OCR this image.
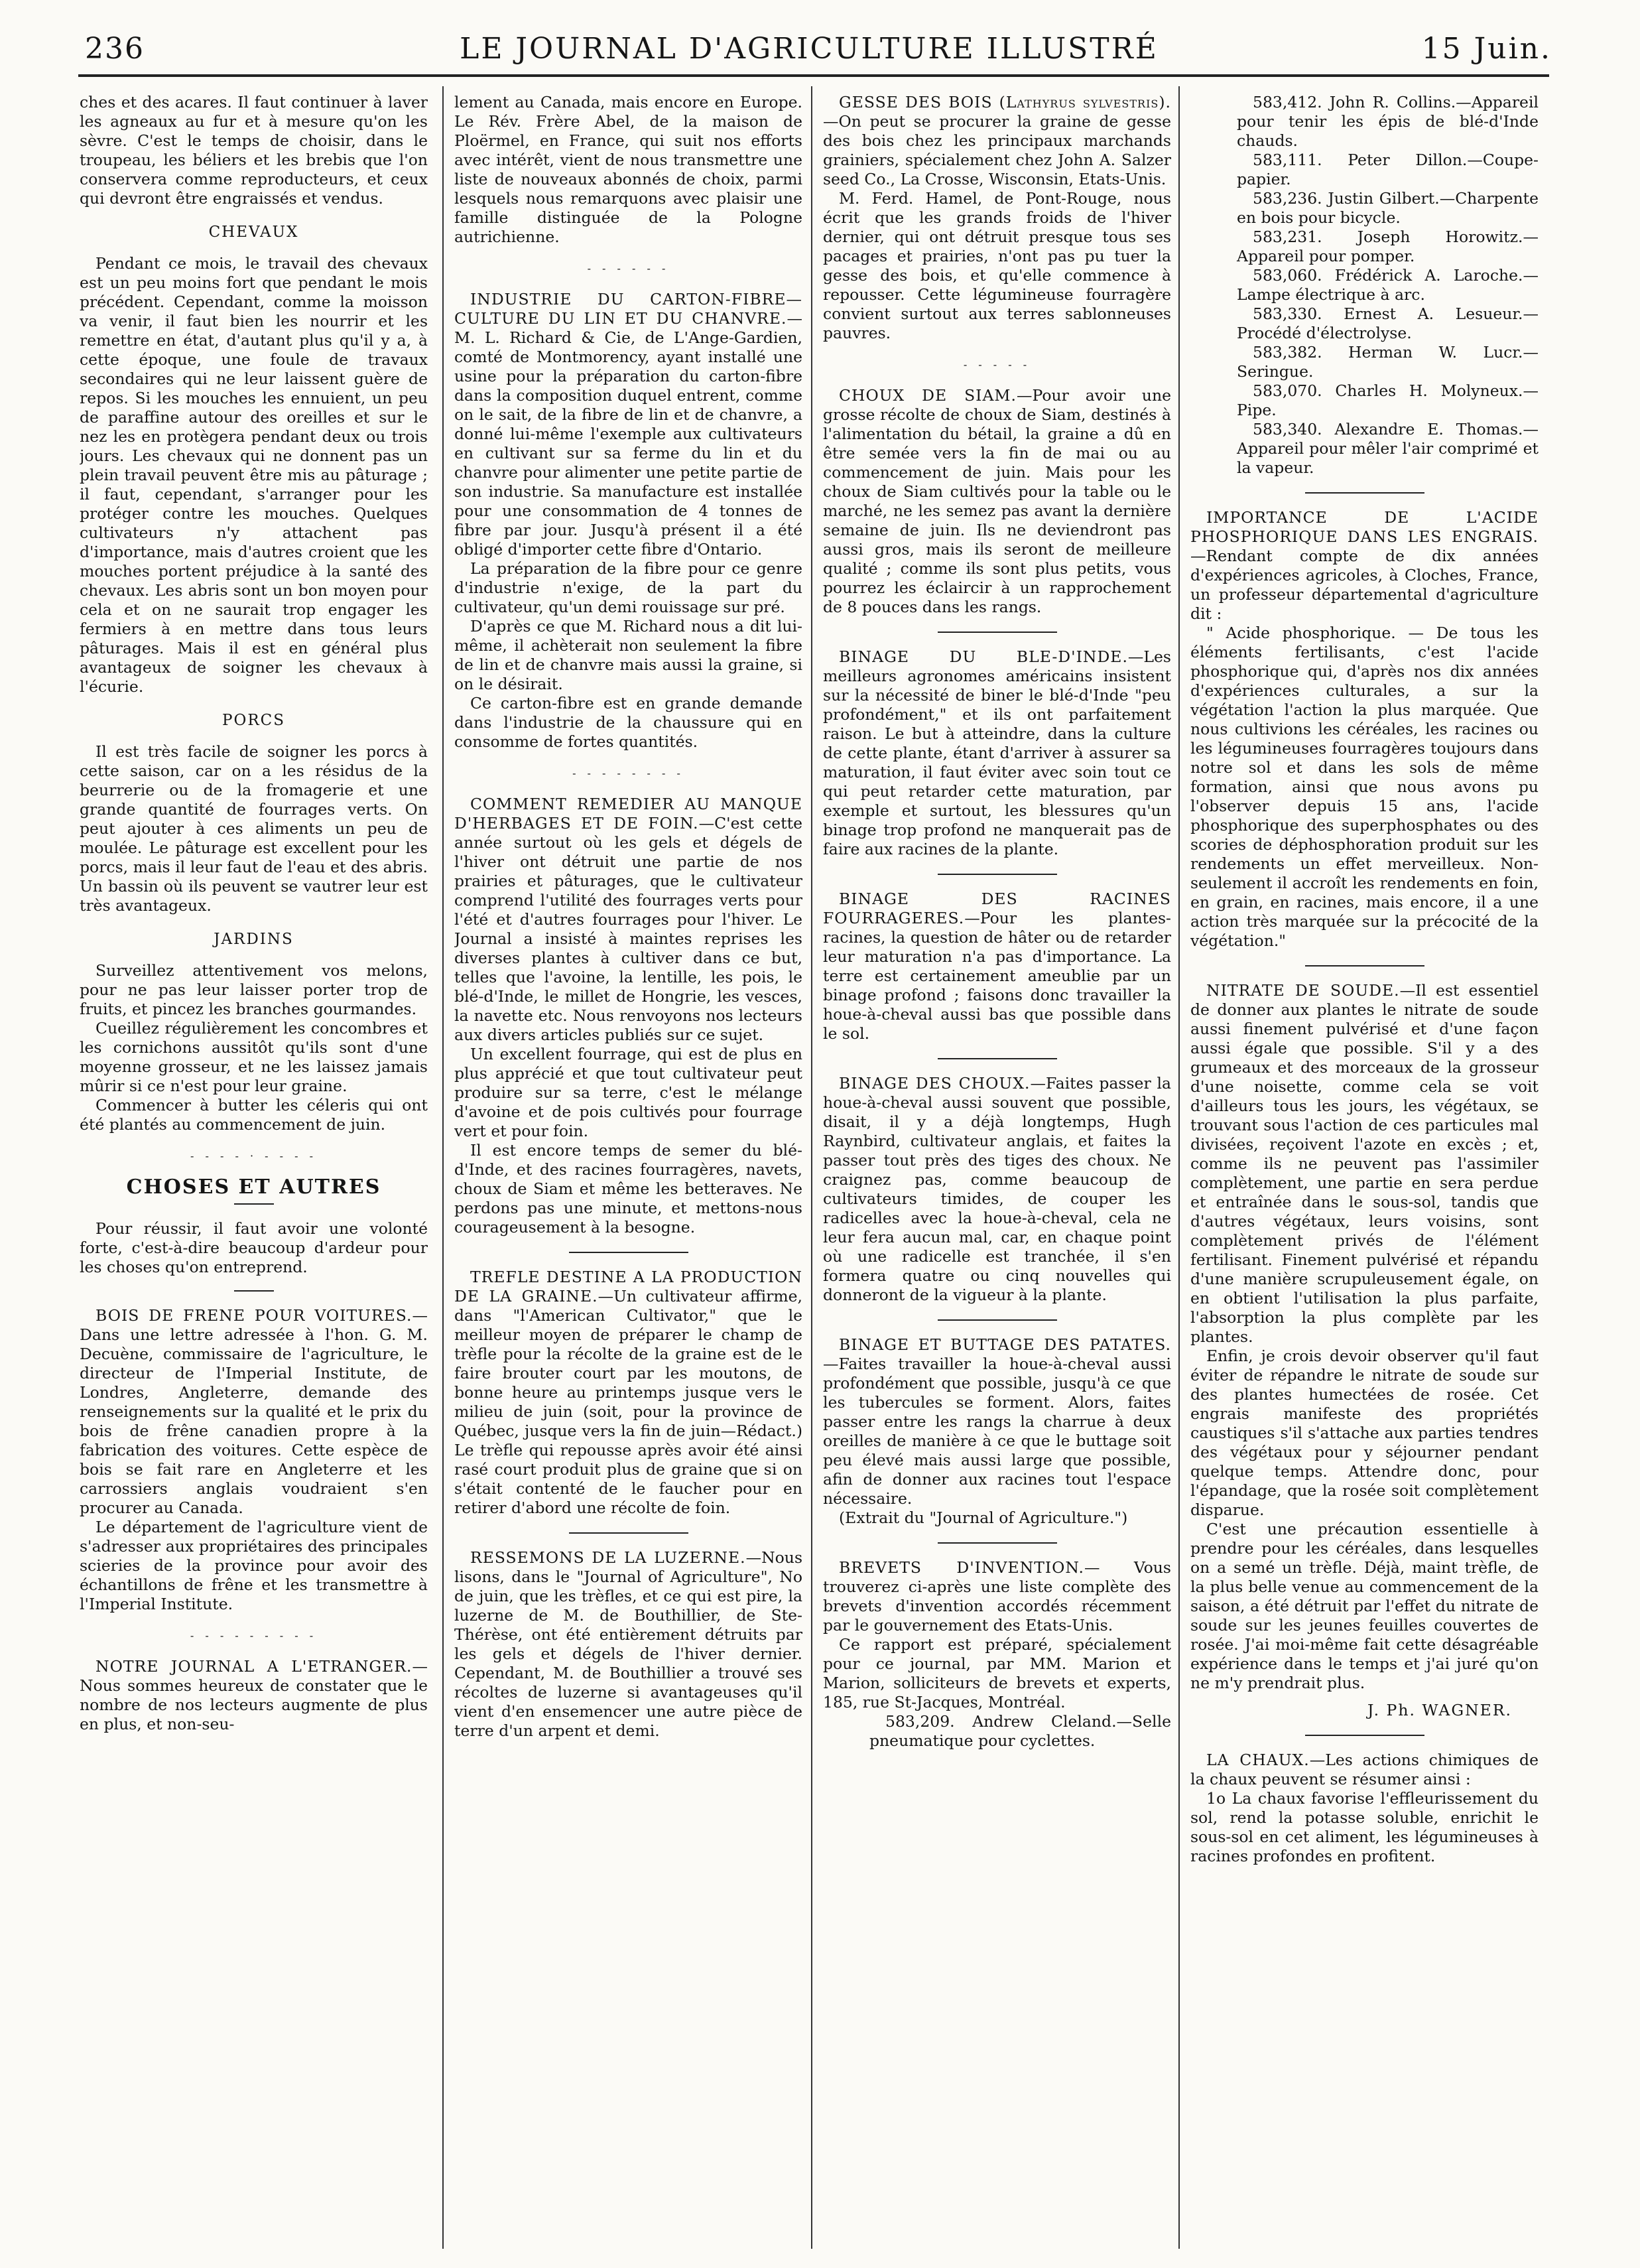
236	LE JOURNAL D'AGRICULTURE ILLUSTRÉ	15 Juin.

ches et des acares. Il faut continuer à laver les agneaux au fur et à mesure qu'on les sèvre. C'est le temps de choisir, dans le troupeau, les béliers et les brebis que l'on conservera comme reproducteurs, et ceux qui devront être engraissés et vendus.

CHEVAUX

Pendant ce mois, le travail des chevaux est un peu moins fort que pendant le mois précédent. Cependant, comme la moisson va venir, il faut bien les nourrir et les remettre en état, d'autant plus qu'il y a, à cette époque, une foule de travaux secondaires qui ne leur laissent guère de repos. Si les mouches les ennuient, un peu de paraffine autour des oreilles et sur le nez les en protègera pendant deux ou trois jours. Les chevaux qui ne donnent pas un plein travail peuvent être mis au pâturage ; il faut, cependant, s'arranger pour les protéger contre les mouches. Quelques cultivateurs n'y attachent pas d'importance, mais d'autres croient que les mouches portent préjudice à la santé des chevaux. Les abris sont un bon moyen pour cela et on ne saurait trop engager les fermiers à en mettre dans tous leurs pâturages. Mais il est en général plus avantageux de soigner les chevaux à l'écurie.

PORCS

Il est très facile de soigner les porcs à cette saison, car on a les résidus de la beurrerie ou de la fromagerie et une grande quantité de fourrages verts. On peut ajouter à ces aliments un peu de moulée. Le pâturage est excellent pour les porcs, mais il leur faut de l'eau et des abris. Un bassin où ils peuvent se vautrer leur est très avantageux.

JARDINS

Surveillez attentivement vos melons, pour ne pas leur laisser porter trop de fruits, et pincez les branches gourmandes.

Cueillez régulièrement les concombres et les cornichons aussitôt qu'ils sont d'une moyenne grosseur, et ne les laissez jamais mûrir si ce n'est pour leur graine.

Commencer à butter les céleris qui ont été plantés au commencement de juin.

- - - - · - - - -
CHOSES ET AUTRES

Pour réussir, il faut avoir une volonté forte, c'est-à-dire beaucoup d'ardeur pour les choses qu'on entreprend.

BOIS DE FRENE POUR VOITURES.—Dans une lettre adressée à l'hon. G. M. Decuène, commissaire de l'agriculture, le directeur de l'Imperial Institute, de Londres, Angleterre, demande des renseignements sur la qualité et le prix du bois de frêne canadien propre à la fabrication des voitures. Cette espèce de bois se fait rare en Angleterre et les carrossiers anglais voudraient s'en procurer au Canada.

Le département de l'agriculture vient de s'adresser aux propriétaires des principales scieries de la province pour avoir des échantillons de frêne et les transmettre à l'Imperial Institute.

- - - - - - - - -

NOTRE JOURNAL A L'ETRANGER.—Nous sommes heureux de constater que le nombre de nos lecteurs augmente de plus en plus, et non-seu-

lement au Canada, mais encore en Europe. Le Rév. Frère Abel, de la maison de Ploërmel, en France, qui suit nos efforts avec intérêt, vient de nous transmettre une liste de nouveaux abonnés de choix, parmi lesquels nous remarquons avec plaisir une famille distinguée de la Pologne autrichienne.

- - - - - -

INDUSTRIE DU CARTON-FIBRE—CULTURE DU LIN ET DU CHANVRE.—M. L. Richard & Cie, de L'Ange-Gardien, comté de Montmorency, ayant installé une usine pour la préparation du carton-fibre dans la composition duquel entrent, comme on le sait, de la fibre de lin et de chanvre, a donné lui-même l'exemple aux cultivateurs en cultivant sur sa ferme du lin et du chanvre pour alimenter une petite partie de son industrie. Sa manufacture est installée pour une consommation de 4 tonnes de fibre par jour. Jusqu'à présent il a été obligé d'importer cette fibre d'Ontario.

La préparation de la fibre pour ce genre d'industrie n'exige, de la part du cultivateur, qu'un demi rouissage sur pré.

D'après ce que M. Richard nous a dit lui-même, il achèterait non seulement la fibre de lin et de chanvre mais aussi la graine, si on le désirait.

Ce carton-fibre est en grande demande dans l'industrie de la chaussure qui en consomme de fortes quantités.

- - - - - - - -

COMMENT REMEDIER AU MANQUE D'HERBAGES ET DE FOIN.—C'est cette année surtout où les gels et dégels de l'hiver ont détruit une partie de nos prairies et pâturages, que le cultivateur comprend l'utilité des fourrages verts pour l'été et d'autres fourrages pour l'hiver. Le Journal a insisté à maintes reprises les diverses plantes à cultiver dans ce but, telles que l'avoine, la lentille, les pois, le blé-d'Inde, le millet de Hongrie, les vesces, la navette etc. Nous renvoyons nos lecteurs aux divers articles publiés sur ce sujet.

Un excellent fourrage, qui est de plus en plus apprécié et que tout cultivateur peut produire sur sa terre, c'est le mélange d'avoine et de pois cultivés pour fourrage vert et pour foin.

Il est encore temps de semer du blé-d'Inde, et des racines fourragères, navets, choux de Siam et même les betteraves. Ne perdons pas une minute, et mettons-nous courageusement à la besogne.

TREFLE DESTINE A LA PRODUCTION DE LA GRAINE.—Un cultivateur affirme, dans "l'American Cultivator," que le meilleur moyen de préparer le champ de trèfle pour la récolte de la graine est de le faire brouter court par les moutons, de bonne heure au printemps jusque vers le milieu de juin (soit, pour la province de Québec, jusque vers la fin de juin—Rédact.) Le trèfle qui repousse après avoir été ainsi rasé court produit plus de graine que si on s'était contenté de le faucher pour en retirer d'abord une récolte de foin.

RESSEMONS DE LA LUZERNE.—Nous lisons, dans le "Journal of Agriculture", No de juin, que les trèfles, et ce qui est pire, la luzerne de M. de Bouthillier, de Ste-Thérèse, ont été entièrement détruits par les gels et dégels de l'hiver dernier. Cependant, M. de Bouthillier a trouvé ses récoltes de luzerne si avantageuses qu'il vient d'en ensemencer une autre pièce de terre d'un arpent et demi.

GESSE DES BOIS (Lathyrus sylvestris).—On peut se procurer la graine de gesse des bois chez les principaux marchands grainiers, spécialement chez John A. Salzer seed Co., La Crosse, Wisconsin, Etats-Unis.

M. Ferd. Hamel, de Pont-Rouge, nous écrit que les grands froids de l'hiver dernier, qui ont détruit presque tous ses pacages et prairies, n'ont pas pu tuer la gesse des bois, et qu'elle commence à repousser. Cette légumineuse fourragère convient surtout aux terres sablonneuses pauvres.

- - - - -

CHOUX DE SIAM.—Pour avoir une grosse récolte de choux de Siam, destinés à l'alimentation du bétail, la graine a dû en être semée vers la fin de mai ou au commencement de juin. Mais pour les choux de Siam cultivés pour la table ou le marché, ne les semez pas avant la dernière semaine de juin. Ils ne deviendront pas aussi gros, mais ils seront de meilleure qualité ; comme ils sont plus petits, vous pourrez les éclaircir à un rapprochement de 8 pouces dans les rangs.

BINAGE DU BLE-D'INDE.—Les meilleurs agronomes américains insistent sur la nécessité de biner le blé-d'Inde "peu profondément," et ils ont parfaitement raison. Le but à atteindre, dans la culture de cette plante, étant d'arriver à assurer sa maturation, il faut éviter avec soin tout ce qui peut retarder cette maturation, par exemple et surtout, les blessures qu'un binage trop profond ne manquerait pas de faire aux racines de la plante.

BINAGE DES RACINES FOURRAGERES.—Pour les plantes-racines, la question de hâter ou de retarder leur maturation n'a pas d'importance. La terre est certainement ameublie par un binage profond ; faisons donc travailler la houe-à-cheval aussi bas que possible dans le sol.

BINAGE DES CHOUX.—Faites passer la houe-à-cheval aussi souvent que possible, disait, il y a déjà longtemps, Hugh Raynbird, cultivateur anglais, et faites la passer tout près des tiges des choux. Ne craignez pas, comme beaucoup de cultivateurs timides, de couper les radicelles avec la houe-à-cheval, cela ne leur fera aucun mal, car, en chaque point où une radicelle est tranchée, il s'en formera quatre ou cinq nouvelles qui donneront de la vigueur à la plante.

BINAGE ET BUTTAGE DES PATATES.—Faites travailler la houe-à-cheval aussi profondément que possible, jusqu'à ce que les tubercules se forment. Alors, faites passer entre les rangs la charrue à deux oreilles de manière à ce que le buttage soit peu élevé mais aussi large que possible, afin de donner aux racines tout l'espace nécessaire.

(Extrait du "Journal of Agriculture.")

BREVETS D'INVENTION.— Vous trouverez ci-après une liste complète des brevets d'invention accordés récemment par le gouvernement des Etats-Unis.

Ce rapport est préparé, spécialement pour ce journal, par MM. Marion et Marion, solliciteurs de brevets et experts, 185, rue St-Jacques, Montréal.

583,209. Andrew Cleland.—Selle pneumatique pour cyclettes.

583,412. John R. Collins.—Appareil pour tenir les épis de blé-d'Inde chauds.

583,111. Peter Dillon.—Coupe-papier.

583,236. Justin Gilbert.—Charpente en bois pour bicycle.

583,231. Joseph Horowitz.—Appareil pour pomper.

583,060. Frédérick A. Laroche.—Lampe électrique à arc.

583,330. Ernest A. Lesueur.—Procédé d'électrolyse.

583,382. Herman W. Lucr.—Seringue.

583,070. Charles H. Molyneux.—Pipe.

583,340. Alexandre E. Thomas.—Appareil pour mêler l'air comprimé et la vapeur.

IMPORTANCE DE L'ACIDE PHOSPHORIQUE DANS LES ENGRAIS.—Rendant compte de dix années d'expériences agricoles, à Cloches, France, un professeur départemental d'agriculture dit :

" Acide phosphorique. — De tous les éléments fertilisants, c'est l'acide phosphorique qui, d'après nos dix années d'expériences culturales, a sur la végétation l'action la plus marquée. Que nous cultivions les céréales, les racines ou les légumineuses fourragères toujours dans notre sol et dans les sols de même formation, ainsi que nous avons pu l'observer depuis 15 ans, l'acide phosphorique des superphosphates ou des scories de déphosphoration produit sur les rendements un effet merveilleux. Non-seulement il accroît les rendements en foin, en grain, en racines, mais encore, il a une action très marquée sur la précocité de la végétation."

NITRATE DE SOUDE.—Il est essentiel de donner aux plantes le nitrate de soude aussi finement pulvérisé et d'une façon aussi égale que possible. S'il y a des grumeaux et des morceaux de la grosseur d'une noisette, comme cela se voit d'ailleurs tous les jours, les végétaux, se trouvant sous l'action de ces particules mal divisées, reçoivent l'azote en excès ; et, comme ils ne peuvent pas l'assimiler complètement, une partie en sera perdue et entraînée dans le sous-sol, tandis que d'autres végétaux, leurs voisins, sont complètement privés de l'élément fertilisant. Finement pulvérisé et répandu d'une manière scrupuleusement égale, on en obtient l'utilisation la plus parfaite, l'absorption la plus complète par les plantes.

Enfin, je crois devoir observer qu'il faut éviter de répandre le nitrate de soude sur des plantes humectées de rosée. Cet engrais manifeste des propriétés caustiques s'il s'attache aux parties tendres des végétaux pour y séjourner pendant quelque temps. Attendre donc, pour l'épandage, que la rosée soit complètement disparue.

C'est une précaution essentielle à prendre pour les céréales, dans lesquelles on a semé un trèfle. Déjà, maint trèfle, de la plus belle venue au commencement de la saison, a été détruit par l'effet du nitrate de soude sur les jeunes feuilles couvertes de rosée. J'ai moi-même fait cette désagréable expérience dans le temps et j'ai juré qu'on ne m'y prendrait plus.

J. Ph. WAGNER.

LA CHAUX.—Les actions chimiques de la chaux peuvent se résumer ainsi :

1o La chaux favorise l'effleurissement du sol, rend la potasse soluble, enrichit le sous-sol en cet aliment, les légumineuses à racines profondes en profitent.
